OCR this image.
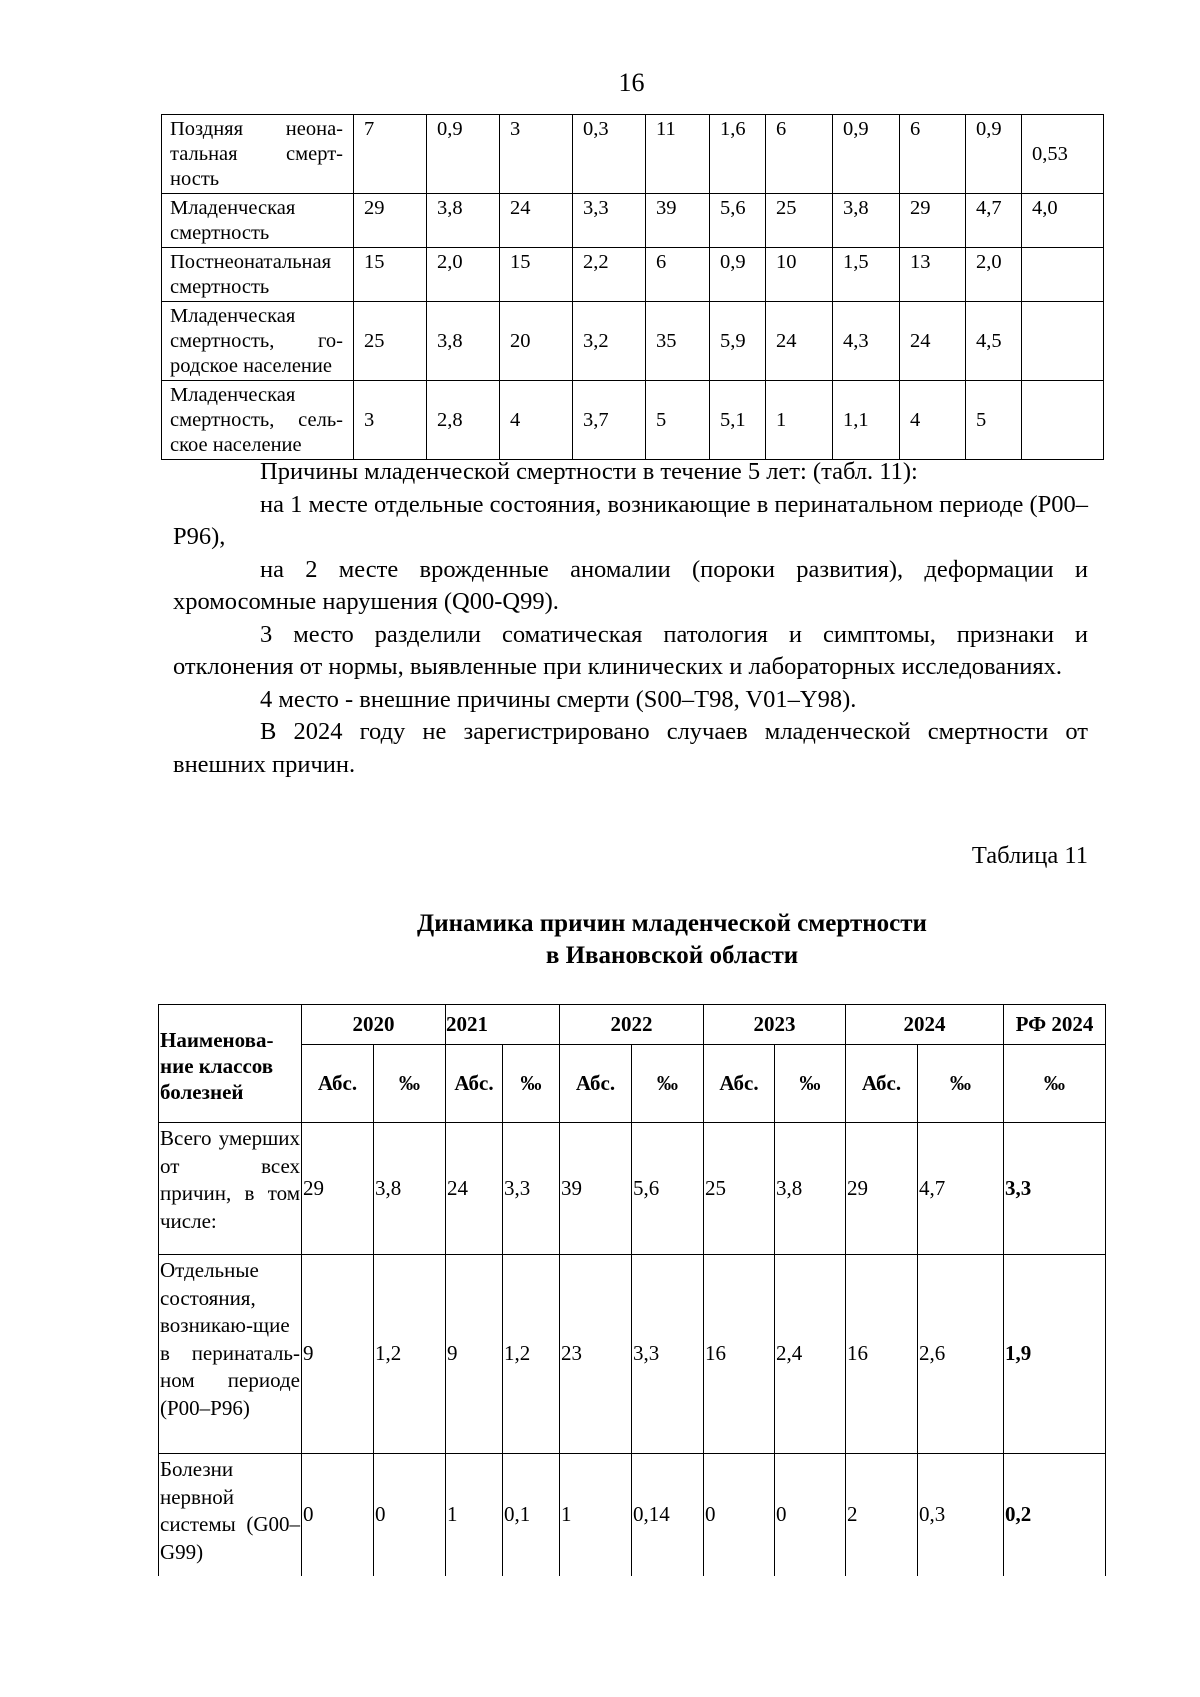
16
Поздняя неона-тальная смерт-ность	7	0,9	3	0,3	11	1,6	6	0,9	6	0,9	0,53
Младенческая смертность	29	3,8	24	3,3	39	5,6	25	3,8	29	4,7	4,0
Постнеонатальная смертность	15	2,0	15	2,2	6	0,9	10	1,5	13	2,0	
Младенческая смертность, го-родское население	25	3,8	20	3,2	35	5,9	24	4,3	24	4,5	
Младенческая смертность, сель-ское население	3	2,8	4	3,7	5	5,1	1	1,1	4	5	

Причины младенческой смертности в течение 5 лет: (табл. 11):

на 1 месте отдельные состояния, возникающие в перинатальном периоде (P00–P96),

на 2 месте врожденные аномалии (пороки развития), деформации и хромосомные нарушения (Q00-Q99).

3 место разделили соматическая патология и симптомы, признаки и отклонения от нормы, выявленные при клинических и лабораторных исследованиях.

4 место - внешние причины смерти (S00–T98, V01–Y98).

В 2024 году не зарегистрировано случаев младенческой смертности от внешних причин.

Таблица 11
Динамика причин младенческой смертности
в Ивановской области
Наименова-ние классов болезней	2020		2021		2022		2023		2024		РФ 2024
	Абс.	‰	Абс.	‰	Абс.	‰	Абс.	‰	Абс.	‰	‰
Всего умерших от всех причин, в том числе:	29	3,8	24	3,3	39	5,6	25	3,8	29	4,7	3,3
Отдельные состояния, возникаю-щие в перинаталь-ном периоде (P00–P96)	9	1,2	9	1,2	23	3,3	16	2,4	16	2,6	1,9
Болезни нервной системы (G00–G99)	0	0	1	0,1	1	0,14	0	0	2	0,3	0,2
